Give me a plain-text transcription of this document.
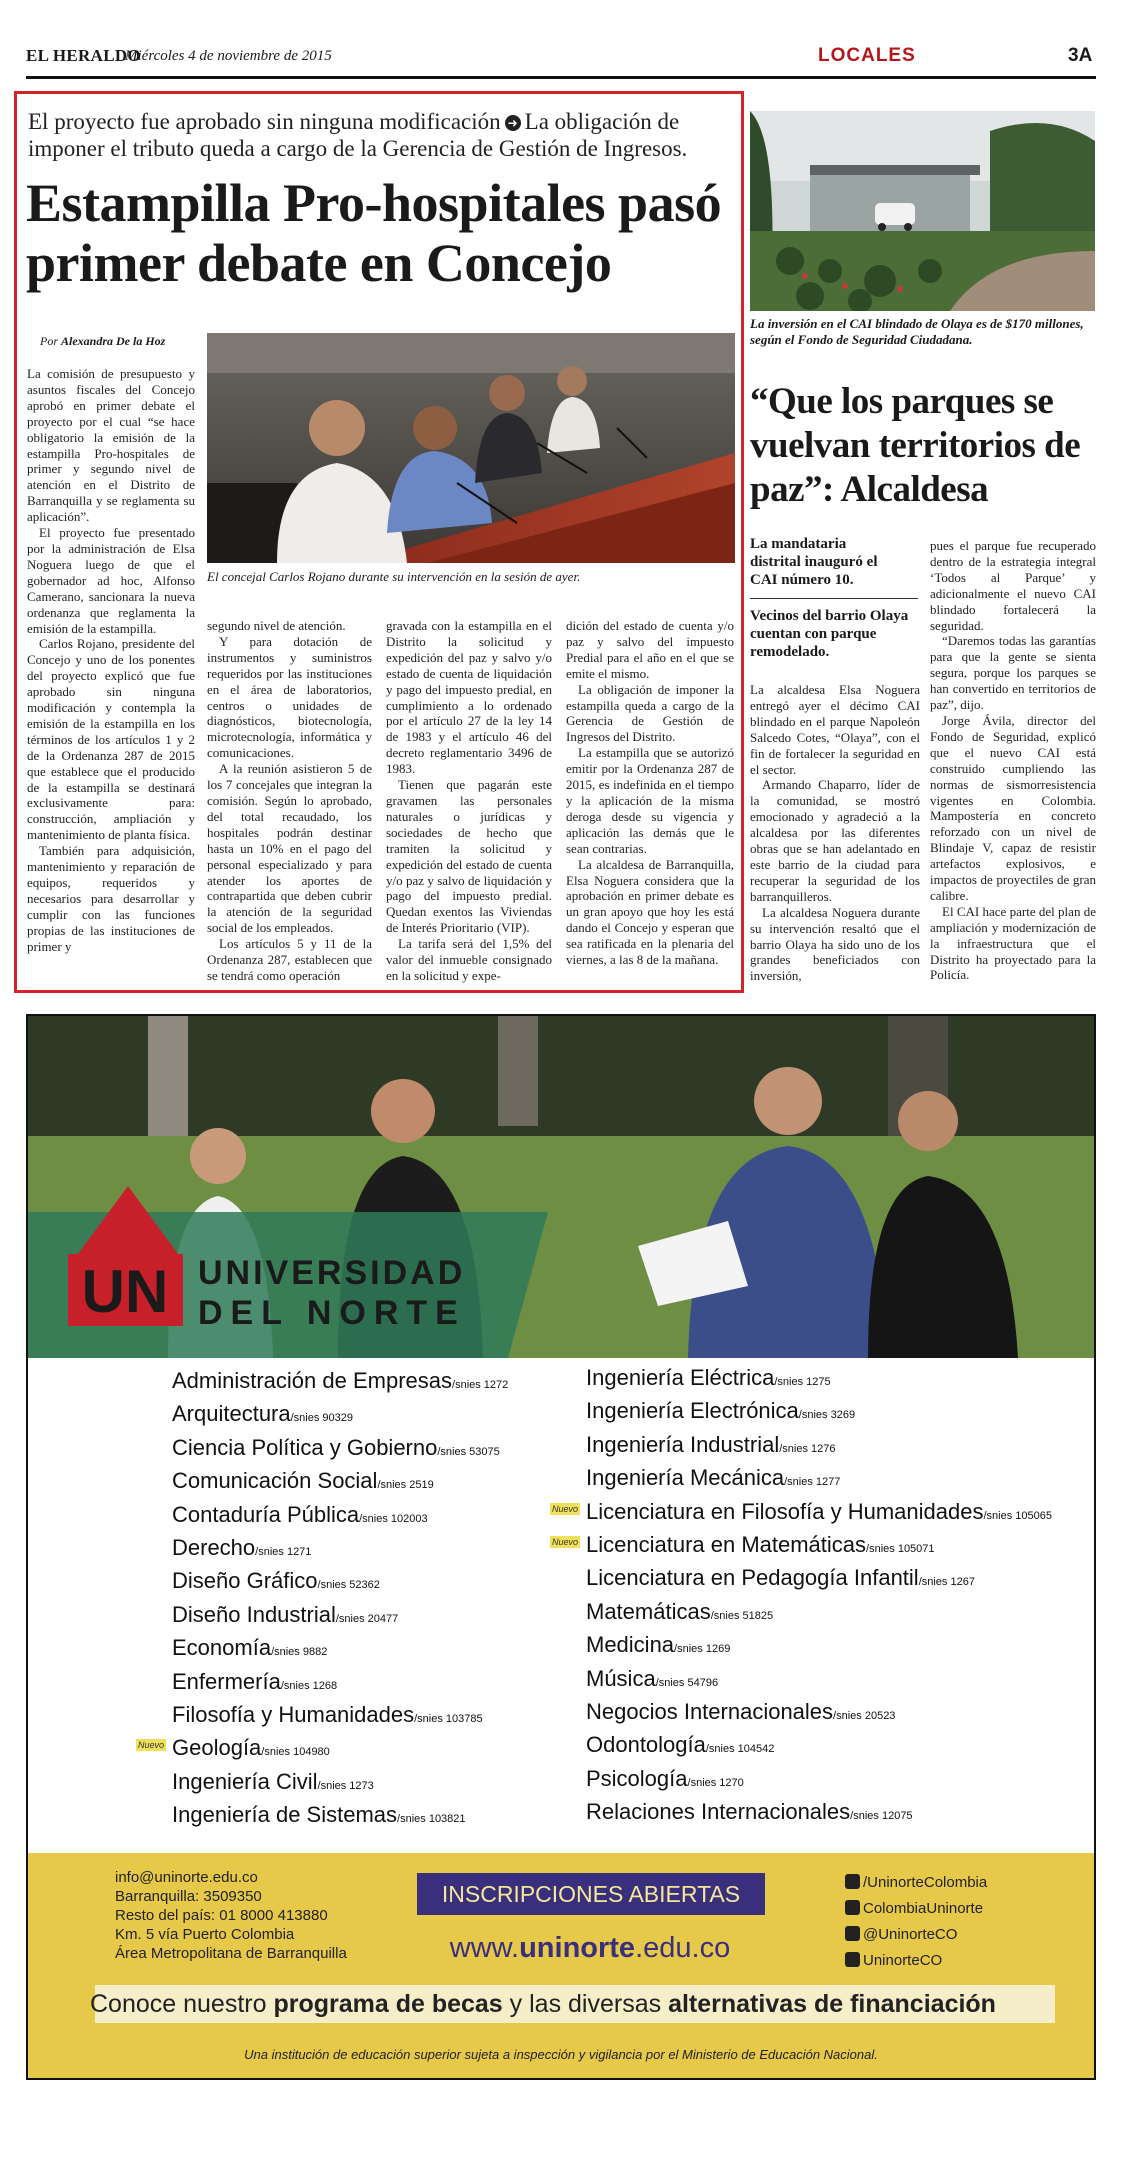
EL HERALDO
Miércoles 4 de noviembre de 2015	LOCALES	3A
El proyecto fue aprobado sin ninguna modificación ➜ La obligación de imponer el tributo queda a cargo de la Gerencia de Gestión de Ingresos.
Estampilla Pro-hospitales pasó primer debate en Concejo
Por Alexandra De la Hoz
El concejal Carlos Rojano durante su intervención en la sesión de ayer.

La comisión de presupuesto y asuntos fiscales del Concejo aprobó en primer debate el proyecto por el cual “se hace obligatorio la emisión de la estampilla Pro-hospitales de primer y segundo nivel de atención en el Distrito de Barranquilla y se reglamenta su aplicación”.

El proyecto fue presentado por la administración de Elsa Noguera luego de que el gobernador ad hoc, Alfonso Camerano, sancionara la nueva ordenanza que reglamenta la emisión de la estampilla.

Carlos Rojano, presidente del Concejo y uno de los ponentes del proyecto explicó que fue aprobado sin ninguna modificación y contempla la emisión de la estampilla en los términos de los artículos 1 y 2 de la Ordenanza 287 de 2015 que establece que el producido de la estampilla se destinará exclusivamente para: construcción, ampliación y mantenimiento de planta física.

También para adquisición, mantenimiento y reparación de equipos, requeridos y necesarios para desarrollar y cumplir con las funciones propias de las instituciones de primer y

segundo nivel de atención.

Y para dotación de instrumentos y suministros requeridos por las instituciones en el área de laboratorios, centros o unidades de diagnósticos, biotecnología, microtecnología, informática y comunicaciones.

A la reunión asistieron 5 de los 7 concejales que integran la comisión. Según lo aprobado, del total recaudado, los hospitales podrán destinar hasta un 10% en el pago del personal especializado y para atender los aportes de contrapartida que deben cubrir la atención de la seguridad social de los empleados.

Los artículos 5 y 11 de la Ordenanza 287, establecen que se tendrá como operación

gravada con la estampilla en el Distrito la solicitud y expedición del paz y salvo y/o estado de cuenta de liquidación y pago del impuesto predial, en cumplimiento a lo ordenado por el artículo 27 de la ley 14 de 1983 y el artículo 46 del decreto reglamentario 3496 de 1983.

Tienen que pagarán este gravamen las personales naturales o jurídicas y sociedades de hecho que tramiten la solicitud y expedición del estado de cuenta y/o paz y salvo de liquidación y pago del impuesto predial. Quedan exentos las Viviendas de Interés Prioritario (VIP).

La tarifa será del 1,5% del valor del inmueble consignado en la solicitud y expe-

dición del estado de cuenta y/o paz y salvo del impuesto Predial para el año en el que se emite el mismo.

La obligación de imponer la estampilla queda a cargo de la Gerencia de Gestión de Ingresos del Distrito.

La estampilla que se autorizó emitir por la Ordenanza 287 de 2015, es indefinida en el tiempo y la aplicación de la misma deroga desde su vigencia y aplicación las demás que le sean contrarias.

La alcaldesa de Barranquilla, Elsa Noguera considera que la aprobación en primer debate es un gran apoyo que hoy les está dando el Concejo y esperan que sea ratificada en la plenaria del viernes, a las 8 de la mañana.

La inversión en el CAI blindado de Olaya es de $170 millones, según el Fondo de Seguridad Ciudadana.
“Que los parques se vuelvan territorios de paz”: Alcaldesa
La mandataria distrital inauguró el CAI número 10.
Vecinos del barrio Olaya cuentan con parque remodelado.

La alcaldesa Elsa Noguera entregó ayer el décimo CAI blindado en el parque Napoleón Salcedo Cotes, “Olaya”, con el fin de fortalecer la seguridad en el sector.

Armando Chaparro, líder de la comunidad, se mostró emocionado y agradeció a la alcaldesa por las diferentes obras que se han adelantado en este barrio de la ciudad para recuperar la seguridad de los barranquilleros.

La alcaldesa Noguera durante su intervención resaltó que el barrio Olaya ha sido uno de los grandes beneficiados con inversión,

pues el parque fue recuperado dentro de la estrategia integral ‘Todos al Parque’ y adicionalmente el nuevo CAI blindado fortalecerá la seguridad.

“Daremos todas las garantías para que la gente se sienta segura, porque los parques se han convertido en territorios de paz”, dijo.

Jorge Ávila, director del Fondo de Seguridad, explicó que el nuevo CAI está construido cumpliendo las normas de sismorresistencia vigentes en Colombia. Mampostería en concreto reforzado con un nivel de Blindaje V, capaz de resistir artefactos explosivos, e impactos de proyectiles de gran calibre.

El CAI hace parte del plan de ampliación y modernización de la infraestructura que el Distrito ha proyectado para la Policía.

UN UNIVERSIDAD
DEL NORTE
Administración de Empresas/snies 1272
Arquitectura/snies 90329
Ciencia Política y Gobierno/snies 53075
Comunicación Social/snies 2519
Contaduría Pública/snies 102003
Derecho/snies 1271
Diseño Gráfico/snies 52362
Diseño Industrial/snies 20477
Economía/snies 9882
Enfermería/snies 1268
Filosofía y Humanidades/snies 103785
Geología/snies 104980
Nuevo
Ingeniería Civil/snies 1273
Ingeniería de Sistemas/snies 103821
Ingeniería Eléctrica/snies 1275
Ingeniería Electrónica/snies 3269
Ingeniería Industrial/snies 1276
Ingeniería Mecánica/snies 1277
Licenciatura en Filosofía y Humanidades/snies 105065
Nuevo
Licenciatura en Matemáticas/snies 105071
Nuevo
Licenciatura en Pedagogía Infantil/snies 1267
Matemáticas/snies 51825
Medicina/snies 1269
Música/snies 54796
Negocios Internacionales/snies 20523
Odontología/snies 104542
Psicología/snies 1270
Relaciones Internacionales/snies 12075
info@uninorte.edu.co
Barranquilla: 3509350
Resto del país: 01 8000 413880
Km. 5 vía Puerto Colombia
Área Metropolitana de Barranquilla
INSCRIPCIONES ABIERTAS
www.uninorte.edu.co
/UninorteColombia
ColombiaUninorte
@UninorteCO
UninorteCO
Conoce nuestro programa de becas y las diversas alternativas de financiación
Una institución de educación superior sujeta a inspección y vigilancia por el Ministerio de Educación Nacional.
